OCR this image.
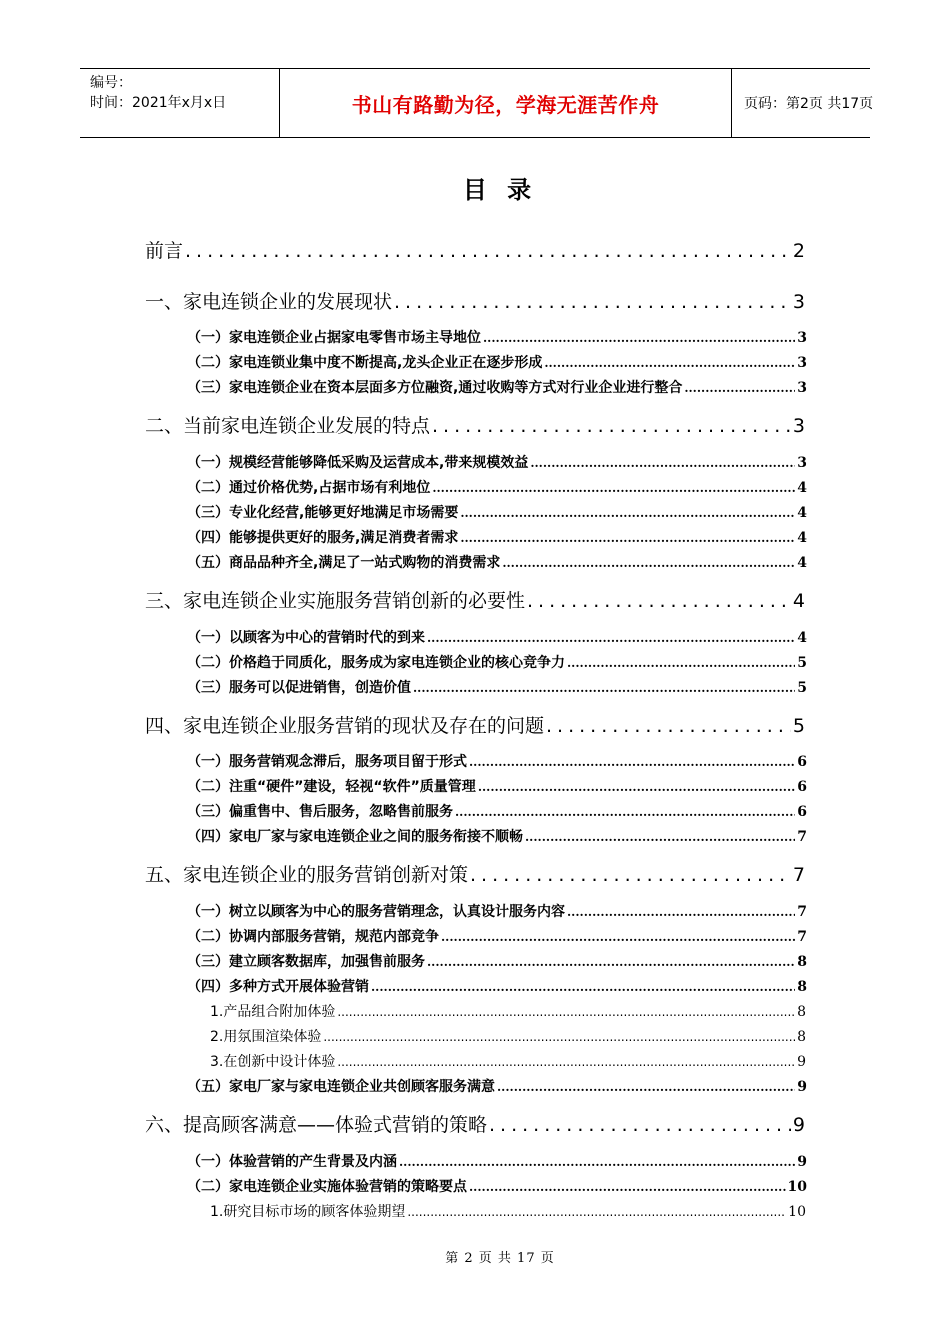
编号：
时间：2021年x月x日	书山有路勤为径，学海无涯苦作舟	页码：第2页 共17页
目 录
前言 .....	2
一、家电连锁企业的发展现状 .....	3
（一）家电连锁企业占据家电零售市场主导地位 .....	3
（二）家电连锁业集中度不断提高,龙头企业正在逐步形成 .....	3
（三）家电连锁企业在资本层面多方位融资,通过收购等方式对行业企业进行整合 .....	3
二、当前家电连锁企业发展的特点 .....	3
（一）规模经营能够降低采购及运营成本,带来规模效益 .....	3
（二）通过价格优势,占据市场有利地位 .....	4
（三）专业化经营,能够更好地满足市场需要 .....	4
（四）能够提供更好的服务,满足消费者需求 .....	4
（五）商品品种齐全,满足了一站式购物的消费需求 .....	4
三、家电连锁企业实施服务营销创新的必要性 .....	4
（一）以顾客为中心的营销时代的到来 .....	4
（二）价格趋于同质化，服务成为家电连锁企业的核心竞争力 .....	5
（三）服务可以促进销售，创造价值 .....	5
四、家电连锁企业服务营销的现状及存在的问题 .....	5
（一）服务营销观念滞后，服务项目留于形式 .....	6
（二）注重“硬件”建设，轻视“软件”质量管理 .....	6
（三）偏重售中、售后服务，忽略售前服务 .....	6
（四）家电厂家与家电连锁企业之间的服务衔接不顺畅 .....	7
五、家电连锁企业的服务营销创新对策 .....	7
（一）树立以顾客为中心的服务营销理念，认真设计服务内容 .....	7
（二）协调内部服务营销，规范内部竞争 .....	7
（三）建立顾客数据库，加强售前服务 .....	8
（四）多种方式开展体验营销 .....	8
1.产品组合附加体验 .....	8
2.用氛围渲染体验 .....	8
3.在创新中设计体验 .....	9
（五）家电厂家与家电连锁企业共创顾客服务满意 .....	9
六、提高顾客满意——体验式营销的策略 .....	9
（一）体验营销的产生背景及内涵 .....	9
（二）家电连锁企业实施体验营销的策略要点 .....	10
1.研究目标市场的顾客体验期望 .....	10
第 2 页 共 17 页
